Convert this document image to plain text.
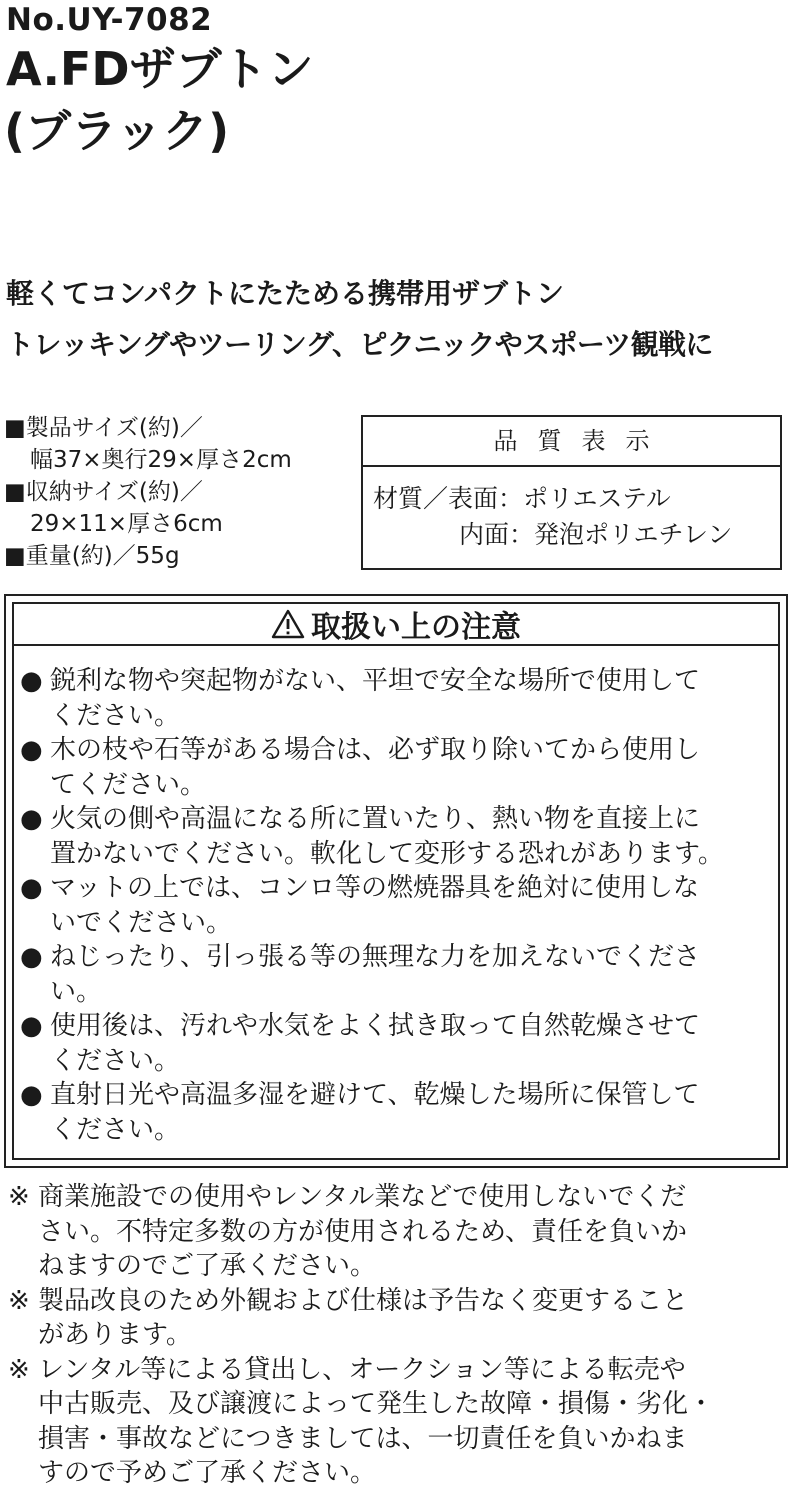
No.UY-7082
A.FDザブトン
(ブラック)
軽くてコンパクトにたためる携帯用ザブトン
トレッキングやツーリング、ピクニックやスポーツ観戦に
■製品サイズ(約)／
幅37×奥行29×厚さ2cm
■収納サイズ(約)／
29×11×厚さ6cm
■重量(約)／55g
品質表示
材質／表面：ポリエステル
内面：発泡ポリエチレン
取扱い上の注意
● 鋭利な物や突起物がない、平坦で安全な場所で使用して
ください。
● 木の枝や石等がある場合は、必ず取り除いてから使用し
てください。
● 火気の側や高温になる所に置いたり、熱い物を直接上に
置かないでください。軟化して変形する恐れがあります。
● マットの上では、コンロ等の燃焼器具を絶対に使用しな
いでください。
● ねじったり、引っ張る等の無理な力を加えないでくださ
い。
● 使用後は、汚れや水気をよく拭き取って自然乾燥させて
ください。
● 直射日光や高温多湿を避けて、乾燥した場所に保管して
ください。
※ 商業施設での使用やレンタル業などで使用しないでくだ
さい。不特定多数の方が使用されるため、責任を負いか
ねますのでご了承ください。
※ 製品改良のため外観および仕様は予告なく変更すること
があります。
※ レンタル等による貸出し、オークション等による転売や
中古販売、及び譲渡によって発生した故障・損傷・劣化・
損害・事故などにつきましては、一切責任を負いかねま
すので予めご了承ください。
